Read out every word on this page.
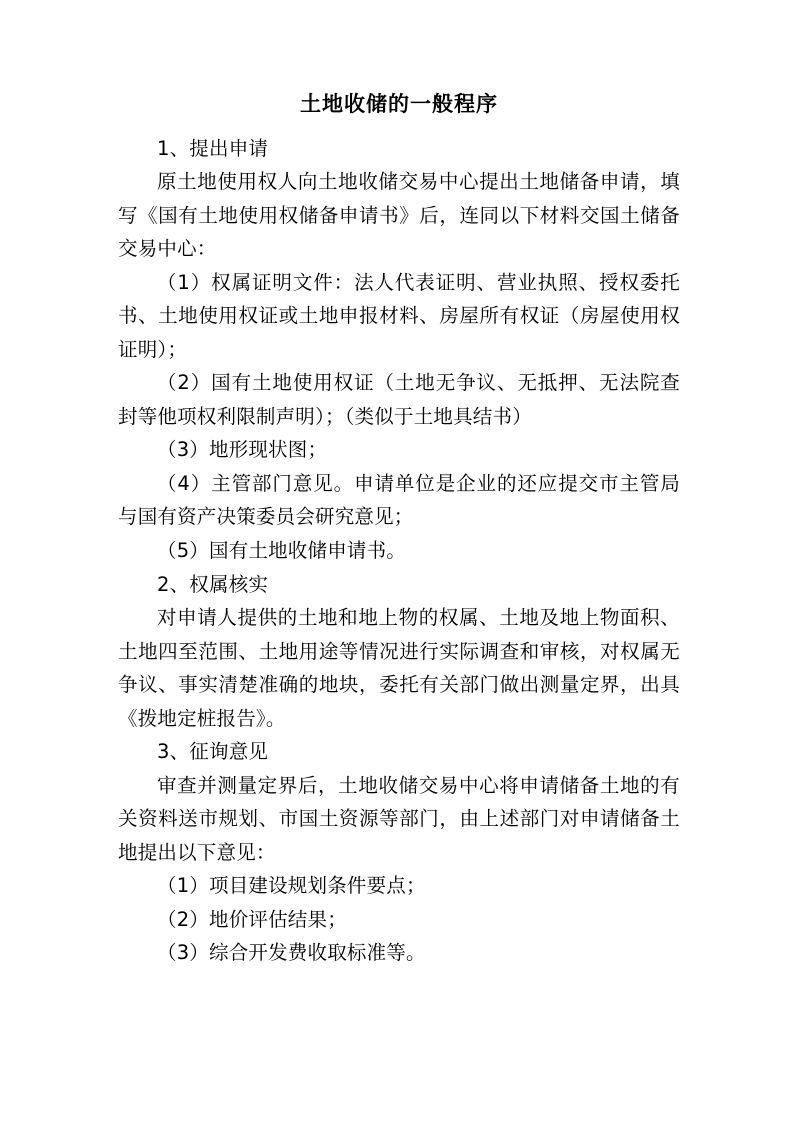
土地收储的一般程序

1、提出申请

原土地使用权人向土地收储交易中心提出土地储备申请，填写《国有土地使用权储备申请书》后，连同以下材料交国土储备交易中心：

（1）权属证明文件：法人代表证明、营业执照、授权委托书、土地使用权证或土地申报材料、房屋所有权证（房屋使用权证明）；

（2）国有土地使用权证（土地无争议、无抵押、无法院查封等他项权利限制声明）；（类似于土地具结书）

（3）地形现状图；

（4）主管部门意见。申请单位是企业的还应提交市主管局与国有资产决策委员会研究意见；

（5）国有土地收储申请书。

2、权属核实

对申请人提供的土地和地上物的权属、土地及地上物面积、土地四至范围、土地用途等情况进行实际调查和审核，对权属无争议、事实清楚准确的地块，委托有关部门做出测量定界，出具《拨地定桩报告》。

3、征询意见

审查并测量定界后，土地收储交易中心将申请储备土地的有关资料送市规划、市国土资源等部门，由上述部门对申请储备土地提出以下意见：

（1）项目建设规划条件要点；

（2）地价评估结果；

（3）综合开发费收取标准等。
